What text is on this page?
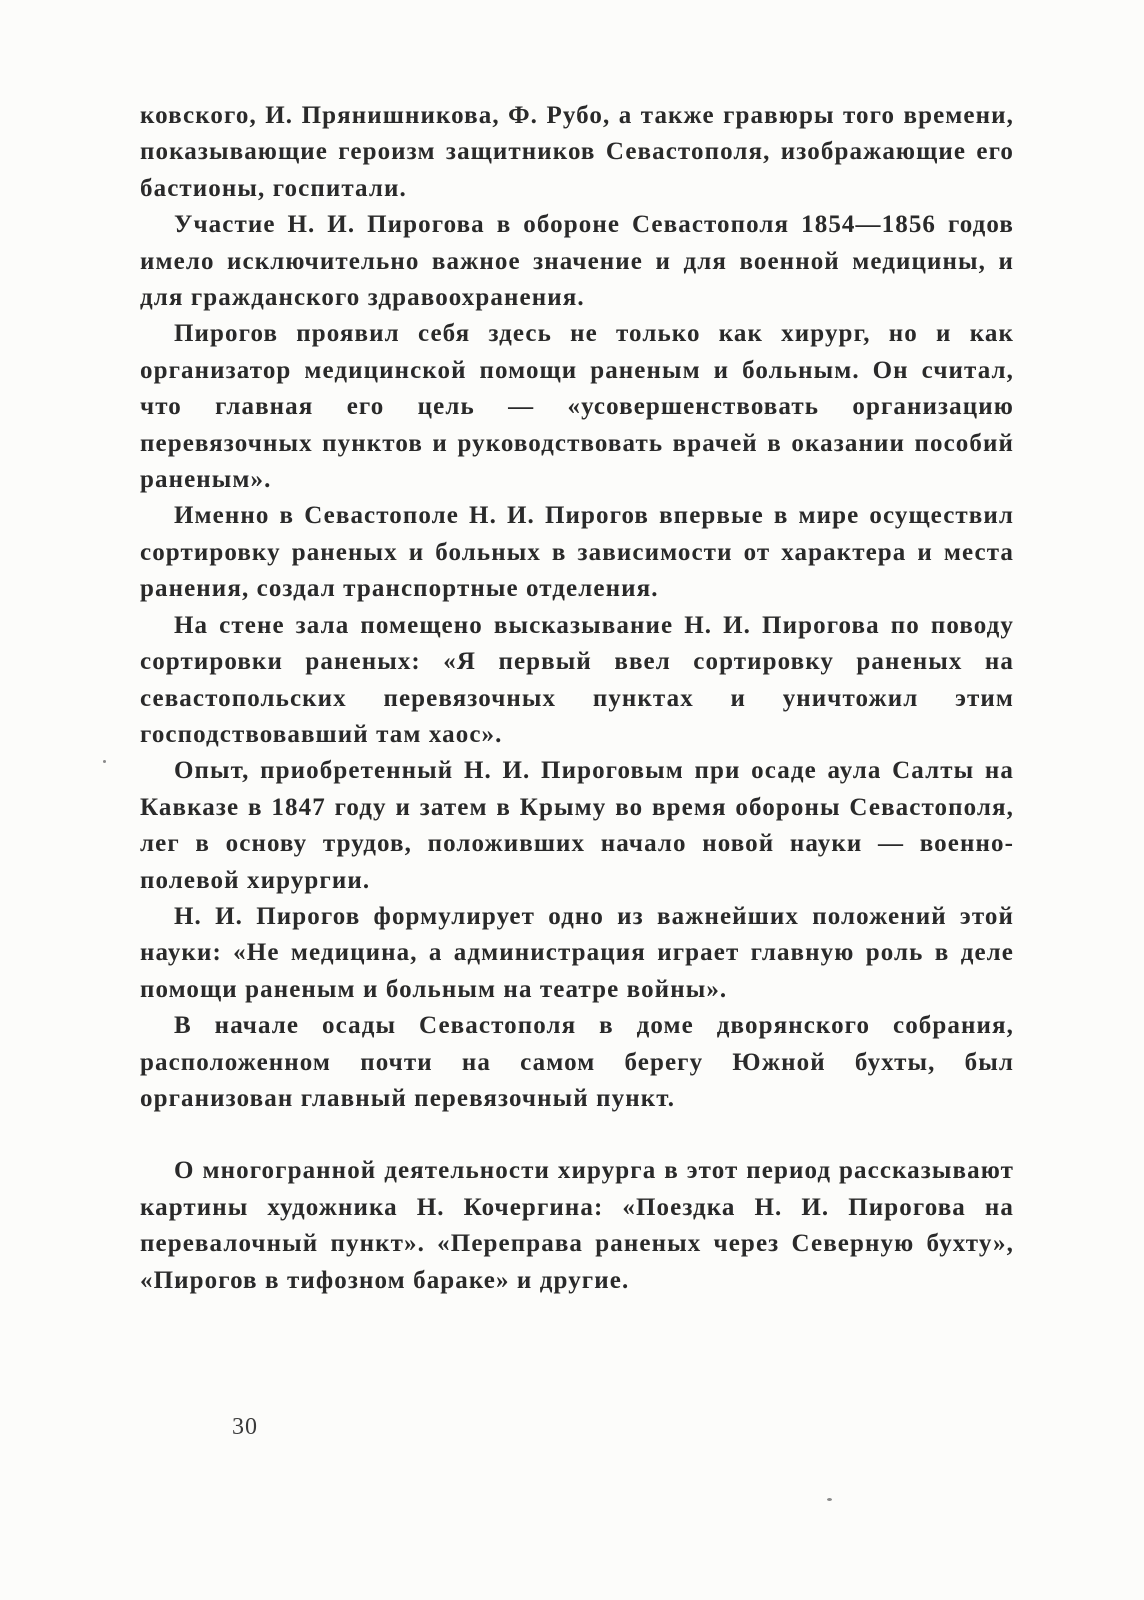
ковского, И. Прянишникова, Ф. Рубо, а также гравюры того времени, показывающие героизм защитников Севастополя, изображающие его бастионы, госпитали.

Участие Н. И. Пирогова в обороне Севастополя 1854—1856 годов имело исключительно важное значение и для военной медицины, и для гражданского здравоохранения.

Пирогов проявил себя здесь не только как хирург, но и как организатор медицинской помощи раненым и больным. Он считал, что главная его цель — «усовершенствовать организацию перевязочных пунктов и руководствовать врачей в оказании пособий раненым».

Именно в Севастополе Н. И. Пирогов впервые в мире осуществил сортировку раненых и больных в зависимости от характера и места ранения, создал транспортные отделения.

На стене зала помещено высказывание Н. И. Пирогова по поводу сортировки раненых: «Я первый ввел сортировку раненых на севастопольских перевязочных пунктах и уничтожил этим господствовавший там хаос».

Опыт, приобретенный Н. И. Пироговым при осаде аула Салты на Кавказе в 1847 году и затем в Крыму во время обороны Севастополя, лег в основу трудов, положивших начало новой науки — военно-полевой хирургии.

Н. И. Пирогов формулирует одно из важнейших положений этой науки: «Не медицина, а администрация играет главную роль в деле помощи раненым и больным на театре войны».

В начале осады Севастополя в доме дворянского собрания, расположенном почти на самом берегу Южной бухты, был организован главный перевязочный пункт.

О многогранной деятельности хирурга в этот период рассказывают картины художника Н. Кочергина: «Поездка Н. И. Пирогова на перевалочный пункт». «Переправа раненых через Северную бухту», «Пирогов в тифозном бараке» и другие.

30
